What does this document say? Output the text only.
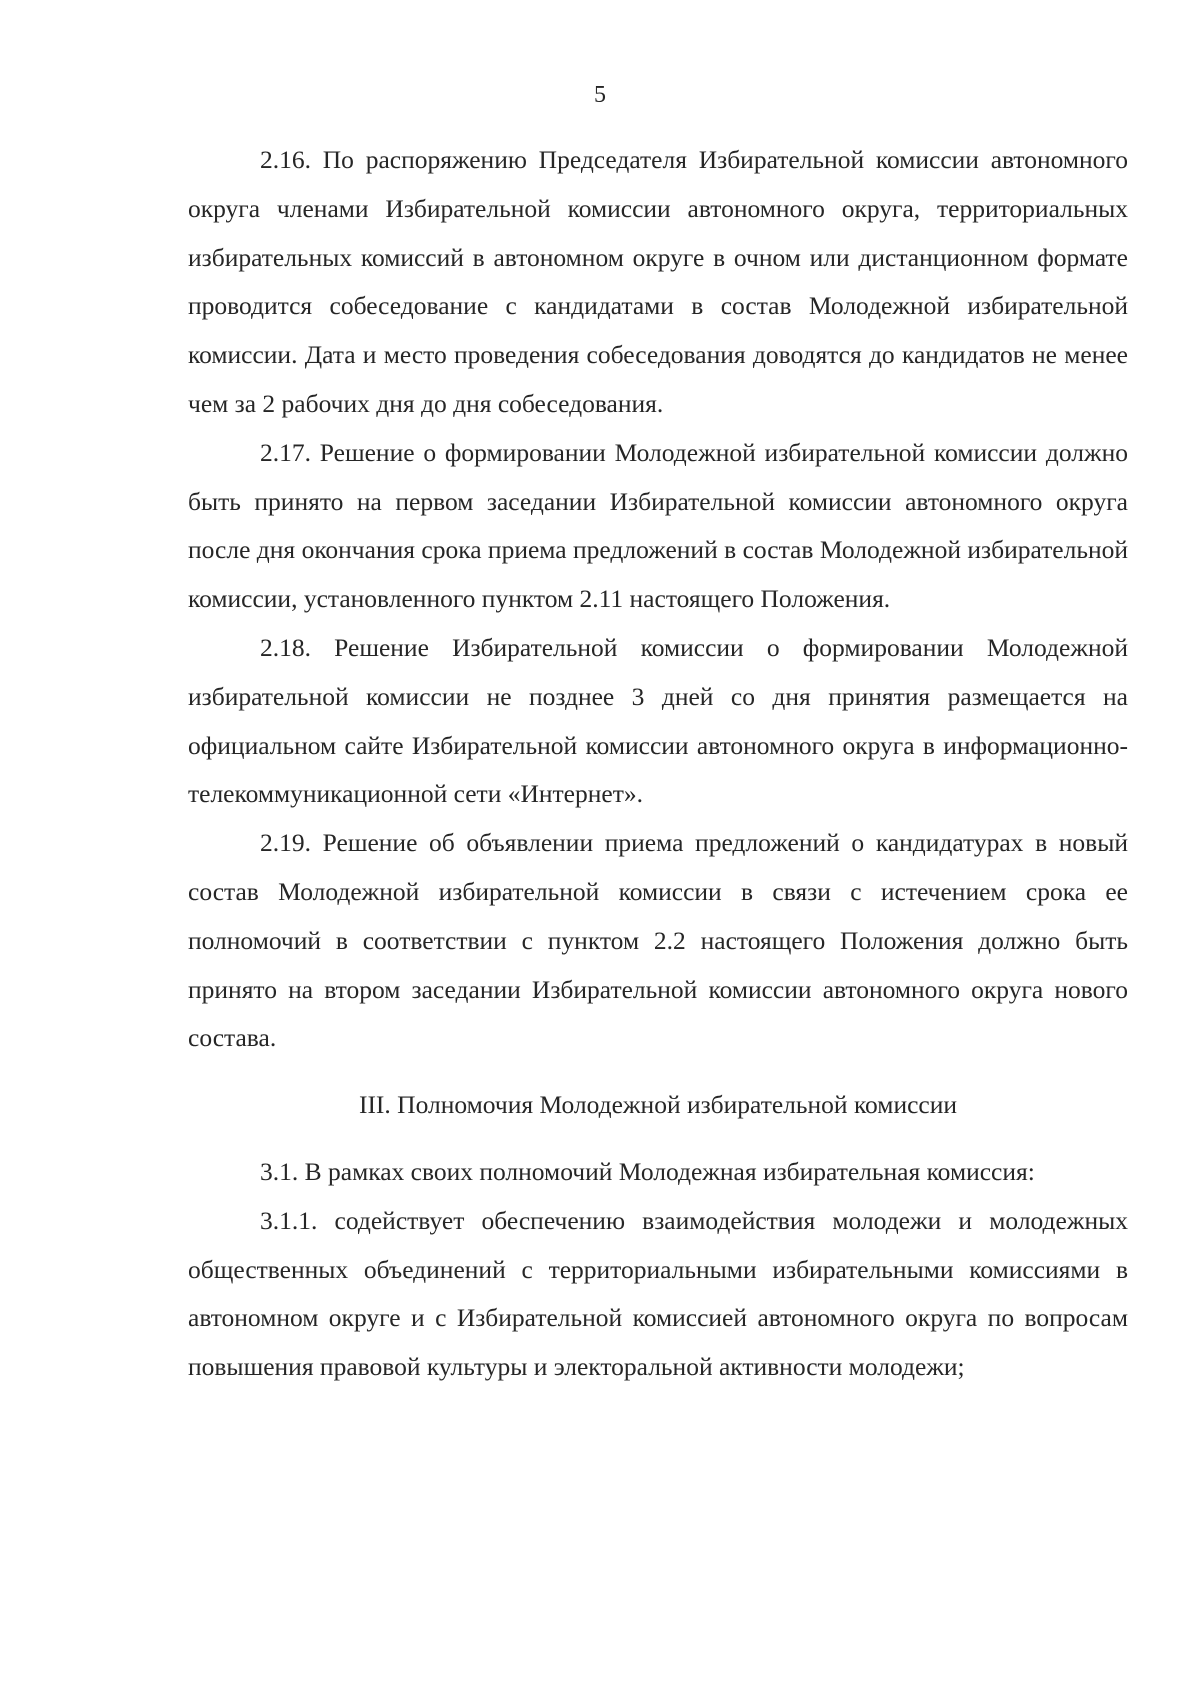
5

2.16. По распоряжению Председателя Избирательной комиссии автономного округа членами Избирательной комиссии автономного округа, территориальных избирательных комиссий в автономном округе в очном или дистанционном формате проводится собеседование с кандидатами в состав Молодежной избирательной комиссии. Дата и место проведения собеседования доводятся до кандидатов не менее чем за 2 рабочих дня до дня собеседования.

2.17. Решение о формировании Молодежной избирательной комиссии должно быть принято на первом заседании Избирательной комиссии автономного округа после дня окончания срока приема предложений в состав Молодежной избирательной комиссии, установленного пунктом 2.11 настоящего Положения.

2.18. Решение Избирательной комиссии о формировании Молодежной избирательной комиссии не позднее 3 дней со дня принятия размещается на официальном сайте Избирательной комиссии автономного округа в информационно-телекоммуникационной сети «Интернет».

2.19. Решение об объявлении приема предложений о кандидатурах в новый состав Молодежной избирательной комиссии в связи с истечением срока ее полномочий в соответствии с пунктом 2.2 настоящего Положения должно быть принято на втором заседании Избирательной комиссии автономного округа нового состава.

III. Полномочия Молодежной избирательной комиссии

3.1. В рамках своих полномочий Молодежная избирательная комиссия:

3.1.1. содействует обеспечению взаимодействия молодежи и молодежных общественных объединений с территориальными избирательными комиссиями в автономном округе и с Избирательной комиссией автономного округа по вопросам повышения правовой культуры и электоральной активности молодежи;
